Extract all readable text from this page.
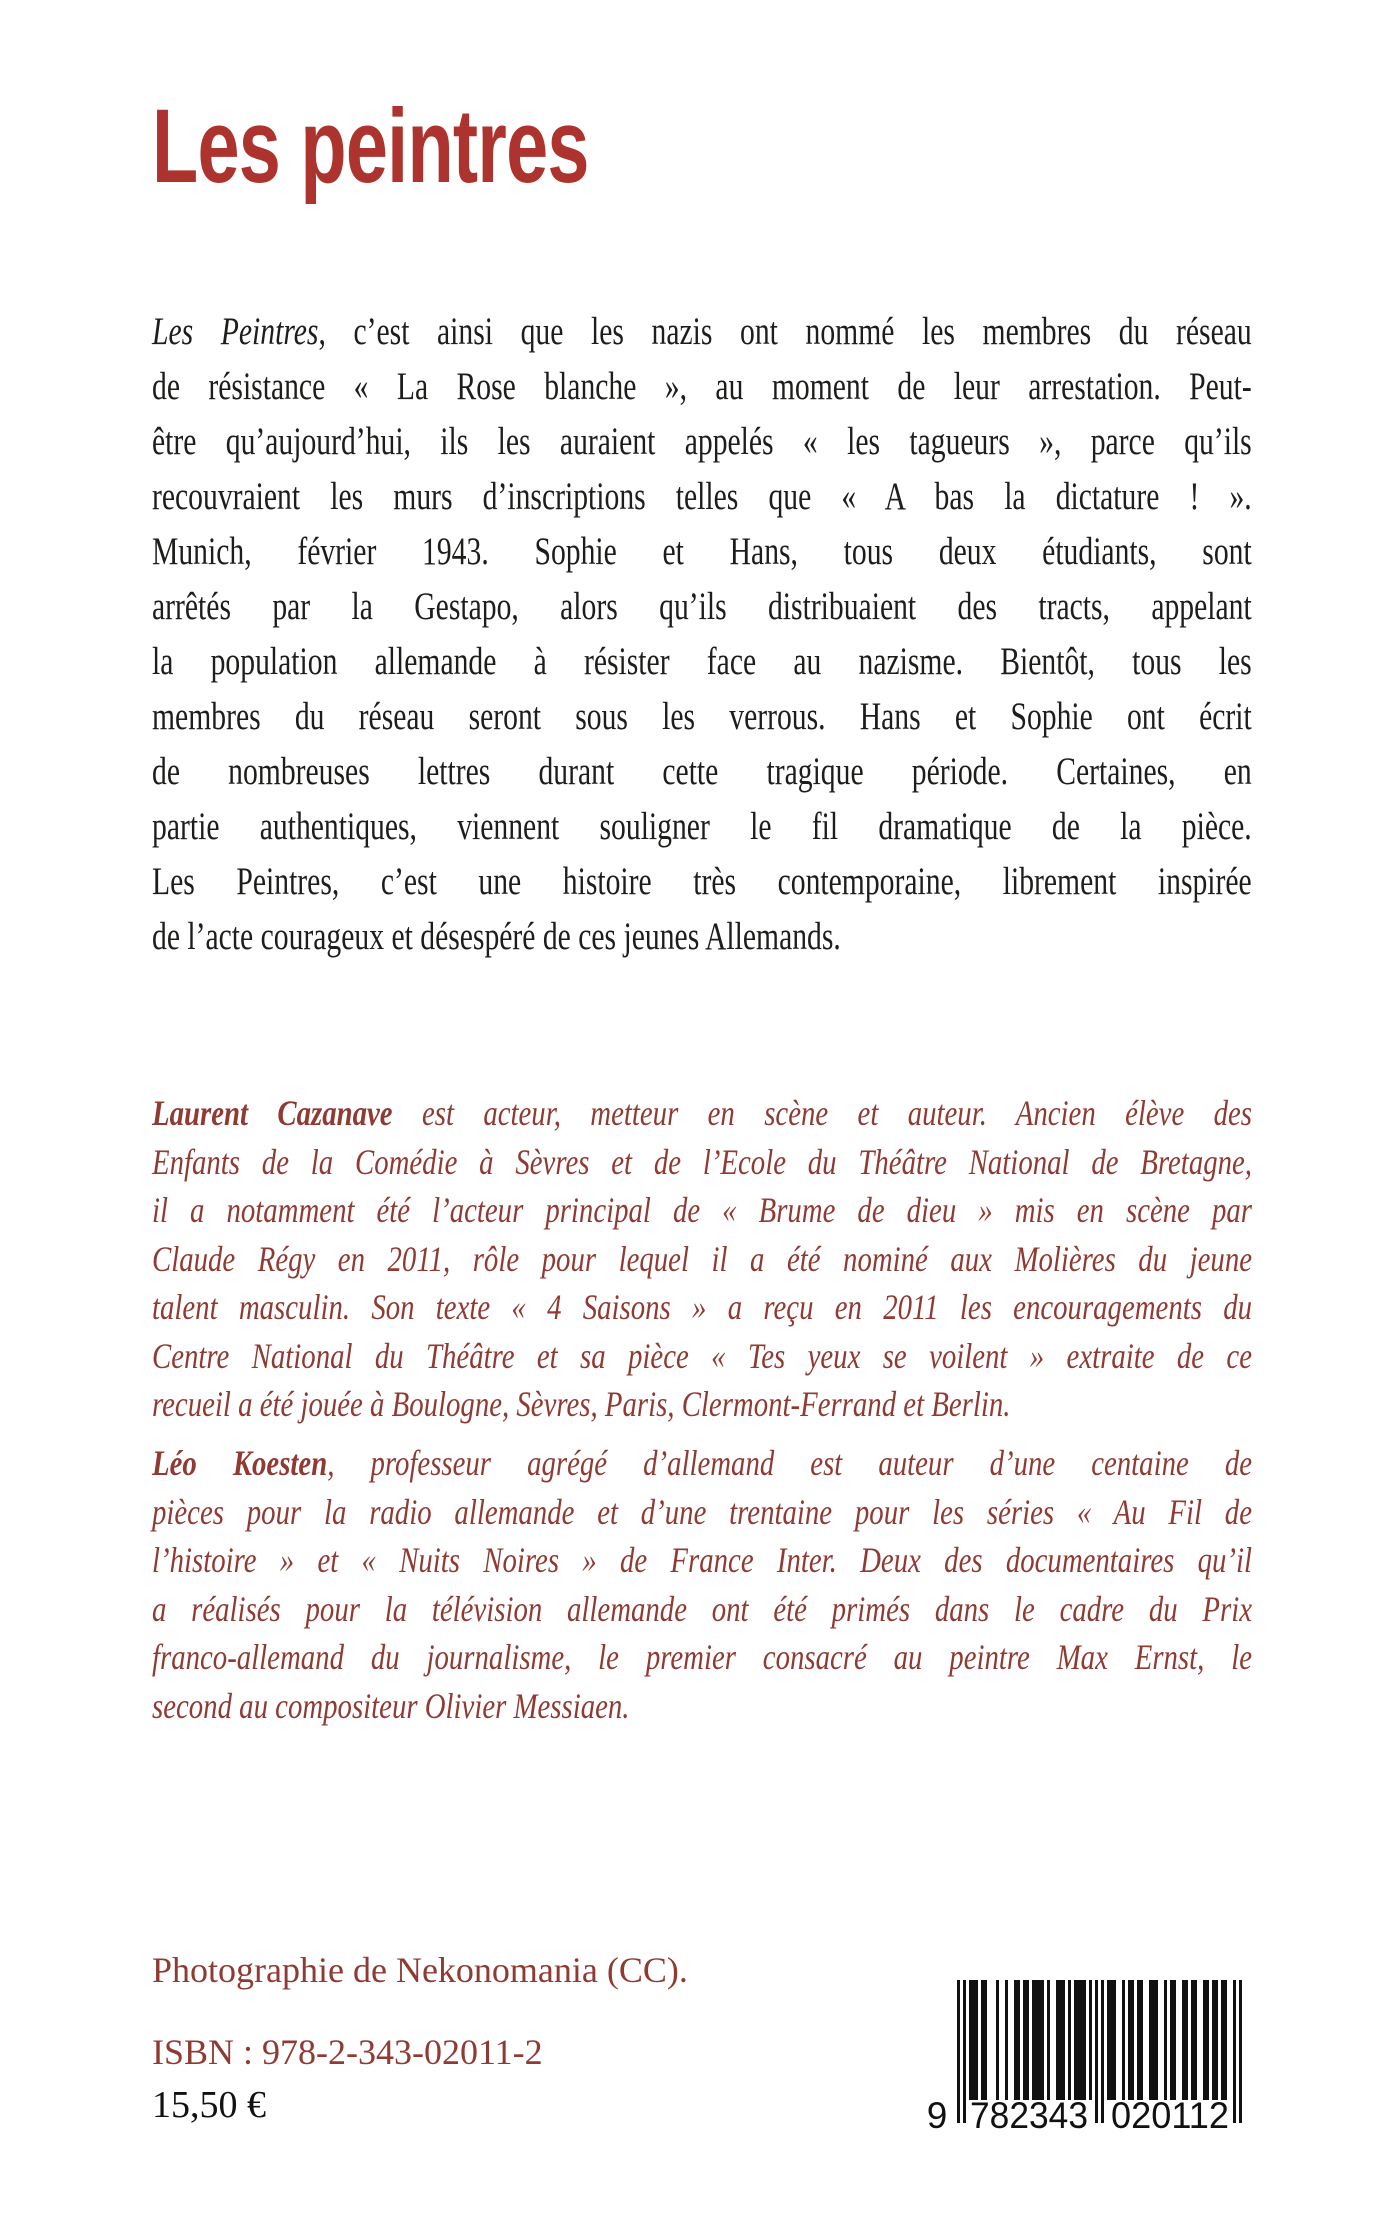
Les peintres
Les Peintres, c’est ainsi que les nazis ont nommé les membres du réseau
de résistance « La Rose blanche », au moment de leur arrestation. Peut-
être qu’aujourd’hui, ils les auraient appelés « les tagueurs », parce qu’ils
recouvraient les murs d’inscriptions telles que « A bas la dictature ! ».
Munich, février 1943. Sophie et Hans, tous deux étudiants, sont
arrêtés par la Gestapo, alors qu’ils distribuaient des tracts, appelant
la population allemande à résister face au nazisme. Bientôt, tous les
membres du réseau seront sous les verrous. Hans et Sophie ont écrit
de nombreuses lettres durant cette tragique période. Certaines, en
partie authentiques, viennent souligner le fil dramatique de la pièce.
Les Peintres, c’est une histoire très contemporaine, librement inspirée
de l’acte courageux et désespéré de ces jeunes Allemands.
Laurent Cazanave est acteur, metteur en scène et auteur. Ancien élève des
Enfants de la Comédie à Sèvres et de l’Ecole du Théâtre National de Bretagne,
il a notamment été l’acteur principal de « Brume de dieu » mis en scène par
Claude Régy en 2011, rôle pour lequel il a été nominé aux Molières du jeune
talent masculin. Son texte « 4 Saisons » a reçu en 2011 les encouragements du
Centre National du Théâtre et sa pièce « Tes yeux se voilent » extraite de ce
recueil a été jouée à Boulogne, Sèvres, Paris, Clermont-Ferrand et Berlin.
Léo Koesten, professeur agrégé d’allemand est auteur d’une centaine de
pièces pour la radio allemande et d’une trentaine pour les séries « Au Fil de
l’histoire » et « Nuits Noires » de France Inter. Deux des documentaires qu’il
a réalisés pour la télévision allemande ont été primés dans le cadre du Prix
franco-allemand du journalisme, le premier consacré au peintre Max Ernst, le
second au compositeur Olivier Messiaen.
Photographie de Nekonomania (CC).
ISBN : 978-2-343-02011-2
15,50 €	9 782343 020112
